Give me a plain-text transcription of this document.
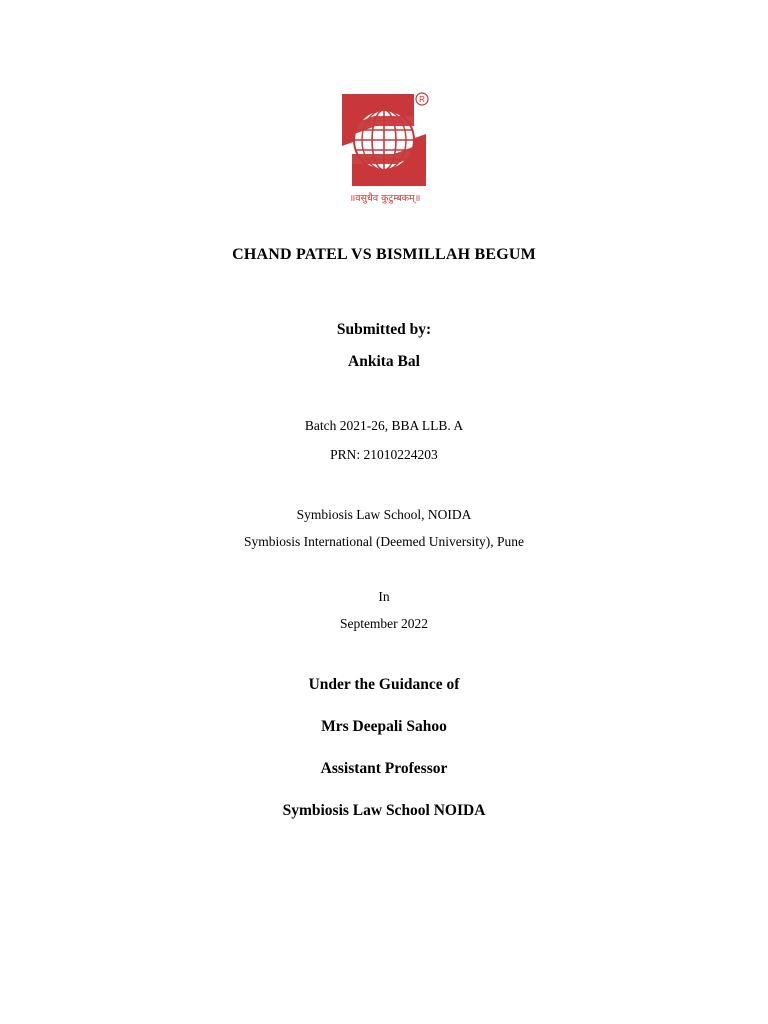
R
॥वसुधैव कुटुम्बकम्॥
CHAND PATEL VS BISMILLAH BEGUM
Submitted by:
Ankita Bal
Batch 2021-26, BBA LLB. A
PRN: 21010224203
Symbiosis Law School, NOIDA
Symbiosis International (Deemed University), Pune
In
September 2022
Under the Guidance of
Mrs Deepali Sahoo
Assistant Professor
Symbiosis Law School NOIDA
